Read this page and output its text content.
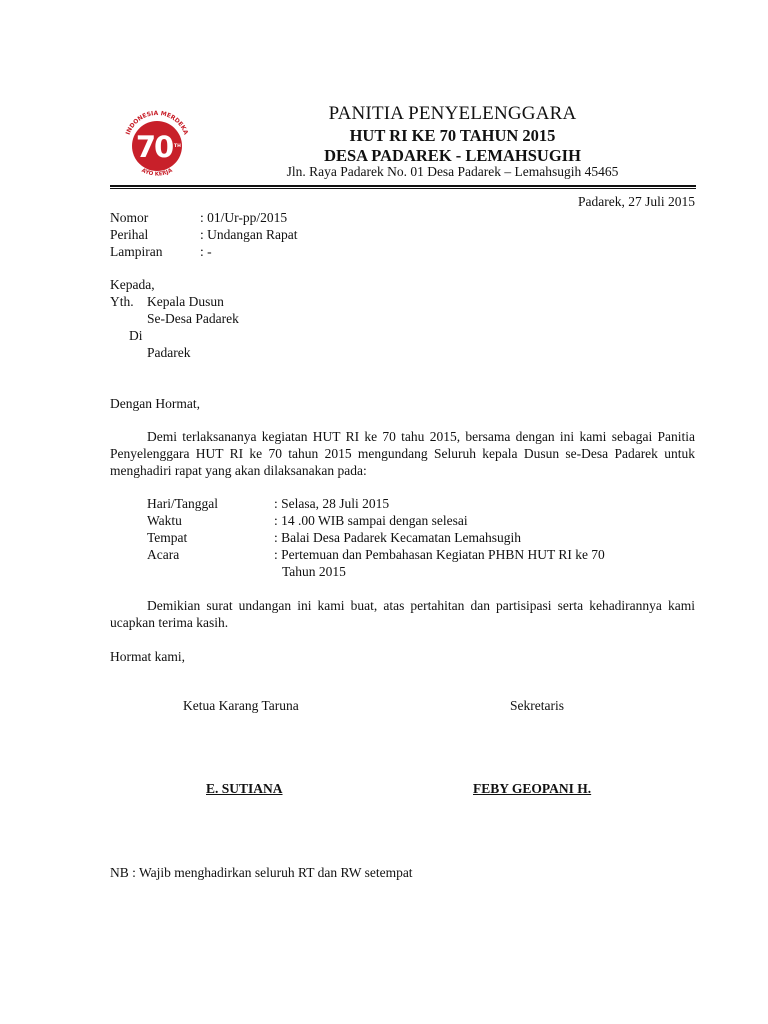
INDONESIA MERDEKA
AYO KERJA
70 TH
PANITIA PENYELENGGARA
HUT RI KE 70 TAHUN 2015
DESA PADAREK - LEMAHSUGIH
Jln. Raya Padarek No. 01 Desa Padarek – Lemahsugih 45465
Padarek, 27 Juli 2015
Nomor	: 01/Ur-pp/2015
Perihal	: Undangan Rapat
Lampiran	: -
Kepada,
Yth. Kepala Dusun
Se-Desa Padarek
Di
Padarek
Dengan Hormat,
Demi terlaksananya kegiatan HUT RI ke 70 tahu 2015, bersama dengan ini kami sebagai Panitia Penyelenggara HUT RI ke 70 tahun 2015 mengundang Seluruh kepala Dusun se-Desa Padarek untuk menghadiri rapat yang akan dilaksanakan pada:
Hari/Tanggal	: Selasa, 28 Juli 2015
Waktu	: 14 .00 WIB sampai dengan selesai
Tempat	: Balai Desa Padarek Kecamatan Lemahsugih
Acara	: Pertemuan dan Pembahasan Kegiatan PHBN HUT RI ke 70
Tahun 2015
Demikian surat undangan ini kami buat, atas pertahitan dan partisipasi serta kehadirannya kami ucapkan terima kasih.
Hormat kami,
Ketua Karang Taruna	Sekretaris
E. SUTIANA	FEBY GEOPANI H.
NB : Wajib menghadirkan seluruh RT dan RW setempat
